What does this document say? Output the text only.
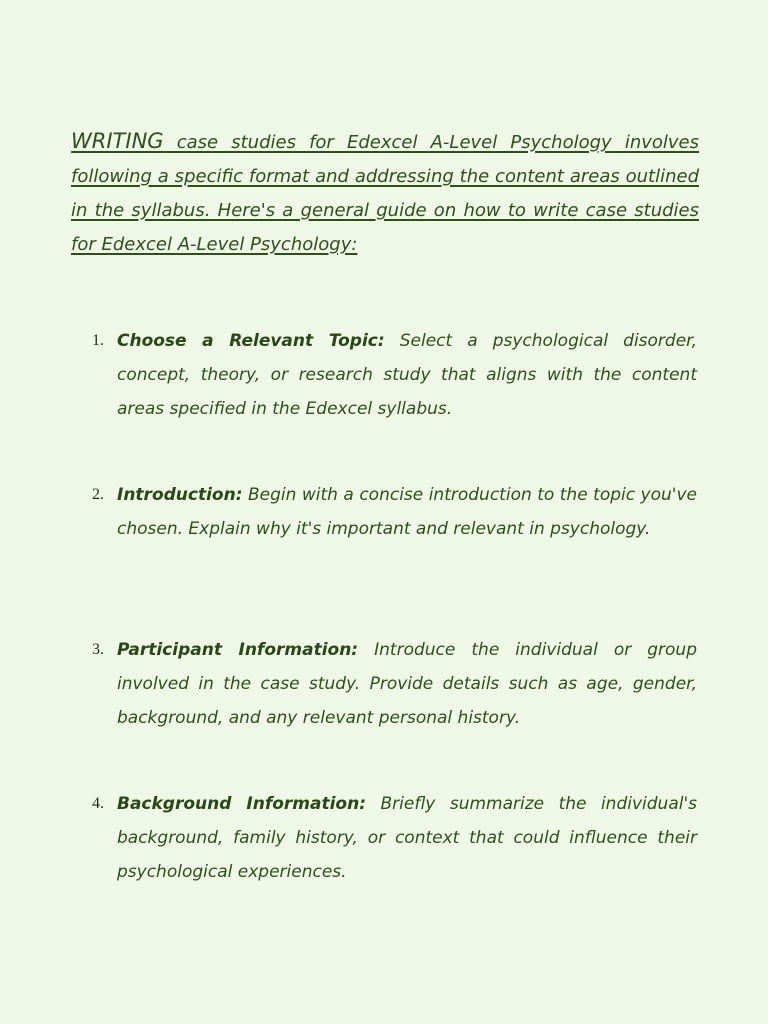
WRITING case studies for Edexcel A-Level Psychology involves following a specific format and addressing the content areas outlined in the syllabus. Here's a general guide on how to write case studies for Edexcel A-Level Psychology:

1. Choose a Relevant Topic: Select a psychological disorder, concept, theory, or research study that aligns with the content areas specified in the Edexcel syllabus.

2. Introduction: Begin with a concise introduction to the topic you've chosen. Explain why it's important and relevant in psychology.

3. Participant Information: Introduce the individual or group involved in the case study. Provide details such as age, gender, background, and any relevant personal history.

4. Background Information: Briefly summarize the individual's background, family history, or context that could influence their psychological experiences.
